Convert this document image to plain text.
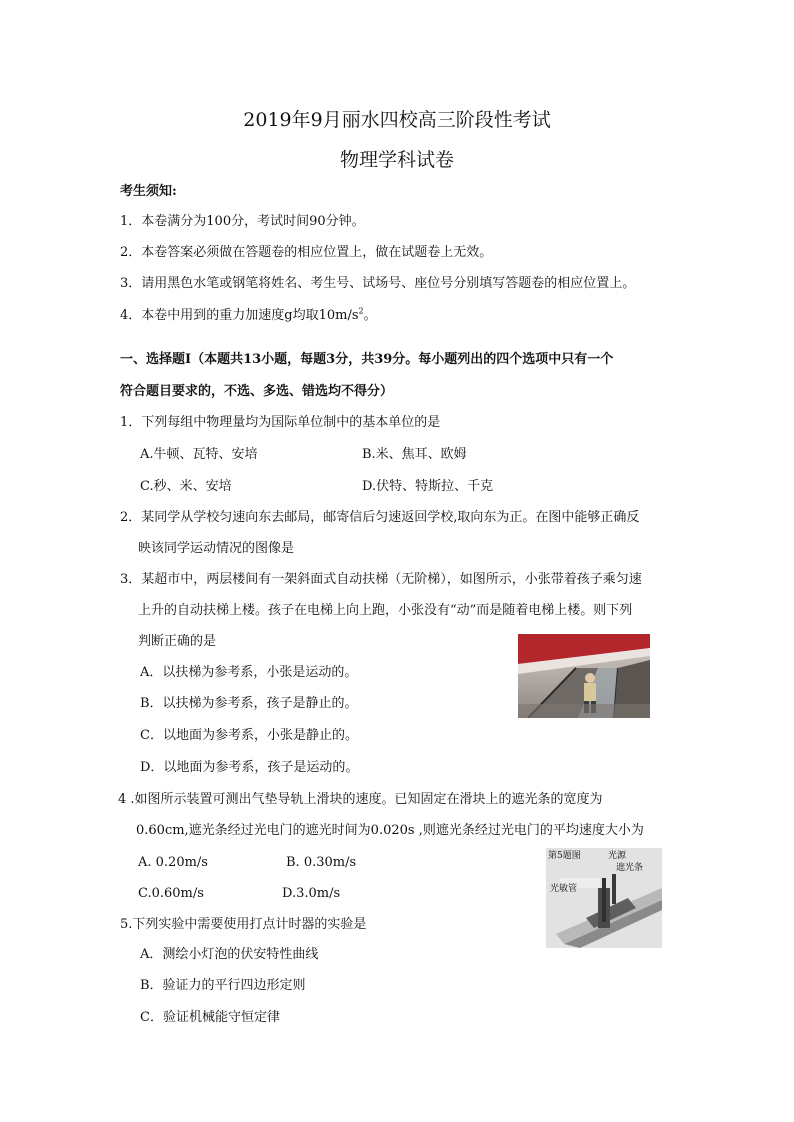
2019年9月丽水四校高三阶段性考试
物理学科试卷
考生须知:
1．本卷满分为100分，考试时间90分钟。
2．本卷答案必须做在答题卷的相应位置上，做在试题卷上无效。
3．请用黑色水笔或钢笔将姓名、考生号、试场号、座位号分别填写答题卷的相应位置上。
4．本卷中用到的重力加速度g均取$10m/s^2$。
一、选择题Ⅰ（本题共13小题，每题3分，共39分。每小题列出的四个选项中只有一个
符合题目要求的，不选、多选、错选均不得分）
1．下列每组中物理量均为国际单位制中的基本单位的是
A.牛顿、瓦特、安培	B.米、焦耳、欧姆
C.秒、米、安培	D.伏特、特斯拉、千克
2．某同学从学校匀速向东去邮局，邮寄信后匀速返回学校,取向东为正。在图中能够正确反
映该同学运动情况的图像是
3．某超市中，两层楼间有一架斜面式自动扶梯（无阶梯），如图所示，小张带着孩子乘匀速
上升的自动扶梯上楼。孩子在电梯上向上跑，小张没有“动”而是随着电梯上楼。则下列
判断正确的是
A．以扶梯为参考系，小张是运动的。
B．以扶梯为参考系，孩子是静止的。
C．以地面为参考系，小张是静止的。
D．以地面为参考系，孩子是运动的。
4 .如图所示装置可测出气垫导轨上滑块的速度。已知固定在滑块上的遮光条的宽度为
0.60cm,遮光条经过光电门的遮光时间为0.020s ,则遮光条经过光电门的平均速度大小为
A. 0.20m/s	B. 0.30m/s
C.0.60m/s	D.3.0m/s
第5题图	光源
遮光条
光敏管
5.下列实验中需要使用打点计时器的实验是
A．测绘小灯泡的伏安特性曲线
B．验证力的平行四边形定则
C．验证机械能守恒定律
